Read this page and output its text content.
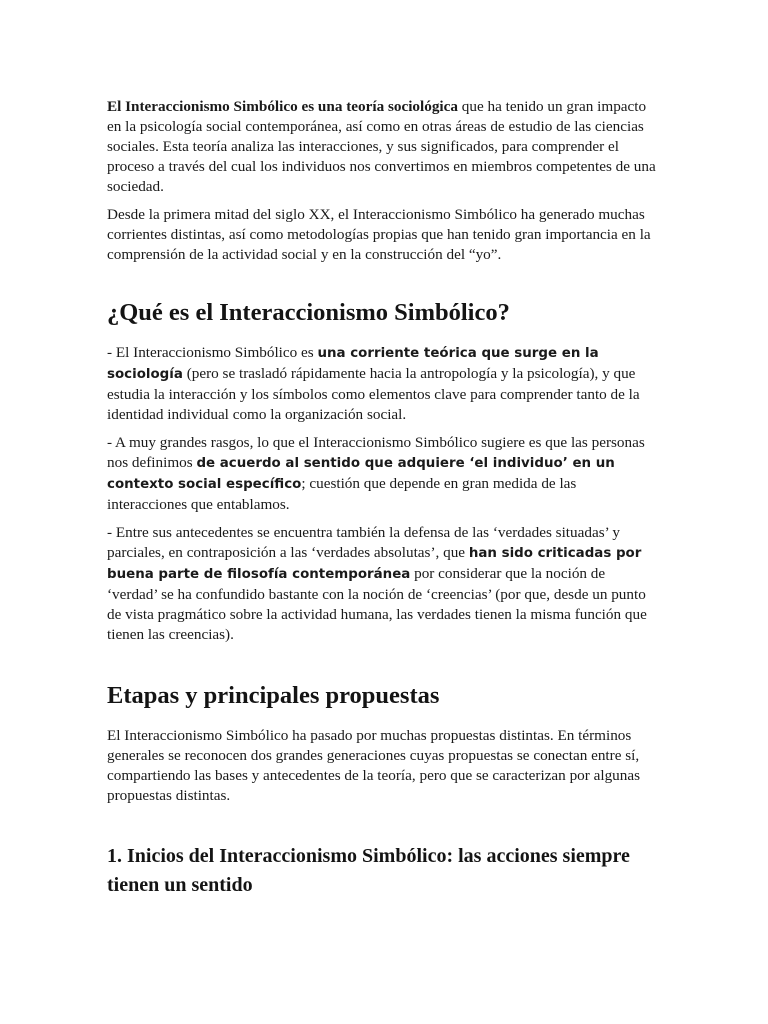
El Interaccionismo Simbólico es una teoría sociológica que ha tenido un gran impacto en la psicología social contemporánea, así como en otras áreas de estudio de las ciencias sociales. Esta teoría analiza las interacciones, y sus significados, para comprender el proceso a través del cual los individuos nos convertimos en miembros competentes de una sociedad.

Desde la primera mitad del siglo XX, el Interaccionismo Simbólico ha generado muchas corrientes distintas, así como metodologías propias que han tenido gran importancia en la comprensión de la actividad social y en la construcción del “yo”.

¿Qué es el Interaccionismo Simbólico?

- El Interaccionismo Simbólico es una corriente teórica que surge en la sociología (pero se trasladó rápidamente hacia la antropología y la psicología), y que estudia la interacción y los símbolos como elementos clave para comprender tanto de la identidad individual como la organización social.

- A muy grandes rasgos, lo que el Interaccionismo Simbólico sugiere es que las personas nos definimos de acuerdo al sentido que adquiere ‘el individuo’ en un contexto social específico; cuestión que depende en gran medida de las interacciones que entablamos.

- Entre sus antecedentes se encuentra también la defensa de las ‘verdades situadas’ y parciales, en contraposición a las ‘verdades absolutas’, que han sido criticadas por buena parte de filosofía contemporánea por considerar que la noción de ‘verdad’ se ha confundido bastante con la noción de ‘creencias’ (por que, desde un punto de vista pragmático sobre la actividad humana, las verdades tienen la misma función que tienen las creencias).

Etapas y principales propuestas

El Interaccionismo Simbólico ha pasado por muchas propuestas distintas. En términos generales se reconocen dos grandes generaciones cuyas propuestas se conectan entre sí, compartiendo las bases y antecedentes de la teoría, pero que se caracterizan por algunas propuestas distintas.

1. Inicios del Interaccionismo Simbólico: las acciones siempre tienen un sentido
